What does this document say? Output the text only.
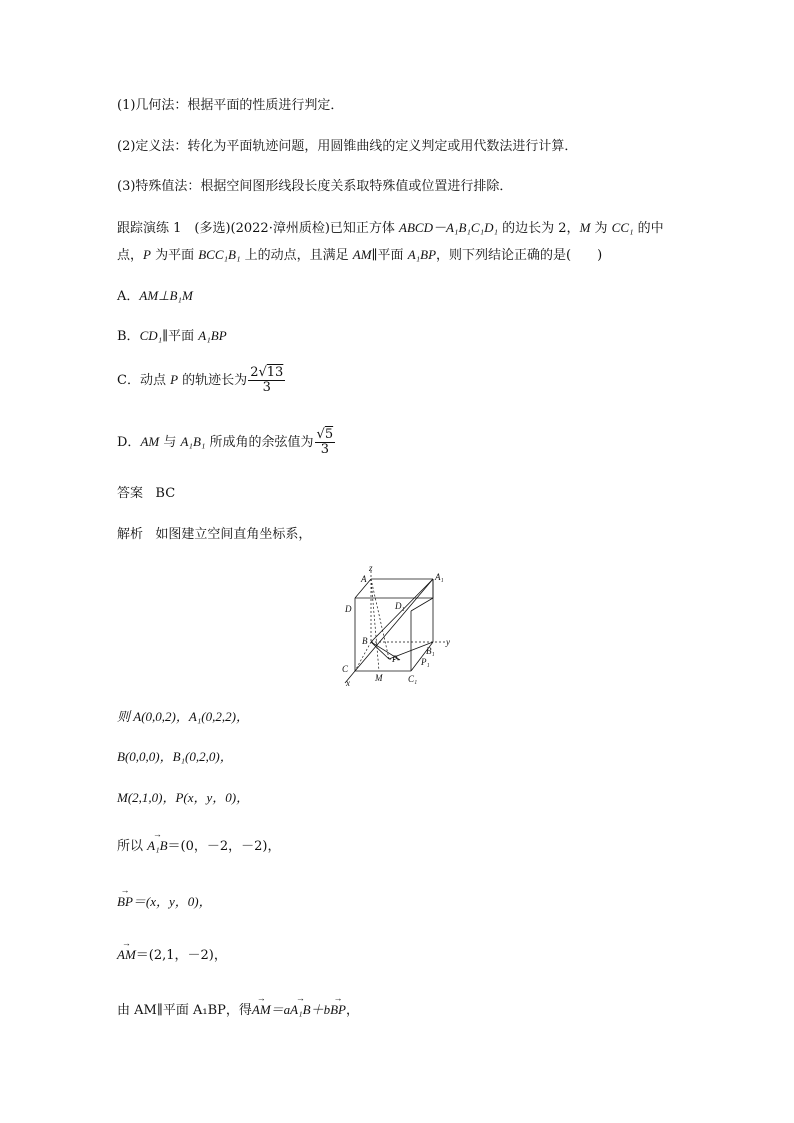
(1)几何法：根据平面的性质进行判定．
(2)定义法：转化为平面轨迹问题，用圆锥曲线的定义判定或用代数法进行计算．
(3)特殊值法：根据空间图形线段长度关系取特殊值或位置进行排除．
跟踪演练 1　(多选)(2022·漳州质检)已知正方体 ABCD－A₁B₁C₁D₁ 的边长为 2，M 为 CC₁ 的中
点，P 为平面 BCC₁B₁ 上的动点，且满足 AM∥平面 A₁BP，则下列结论正确的是(　　)
A．AM⊥B₁M
B．CD₁∥平面 A₁BP
C．动点 P 的轨迹长为 $\frac{2√13}{3}$
D．AM 与 A₁B₁ 所成角的余弦值为 $\frac{√5}{3}$
答案 BC
解析 如图建立空间直角坐标系，
z
A	A₁
D	D₁
B	y
B₁
P	P₁
C
x	M	C₁
则 A(0,0,2)，A₁(0,2,2)，
B(0,0,0)，B₁(0,2,0)，
M(2,1,0)，P(x，y，0)，
所以 → A₁B＝(0，－2，－2)，
→ BP＝(x，y，0)，
→ AM＝(2,1，－2)，
由 AM∥平面 A₁BP，得→ AM＝a→ A₁B＋b→ BP，
